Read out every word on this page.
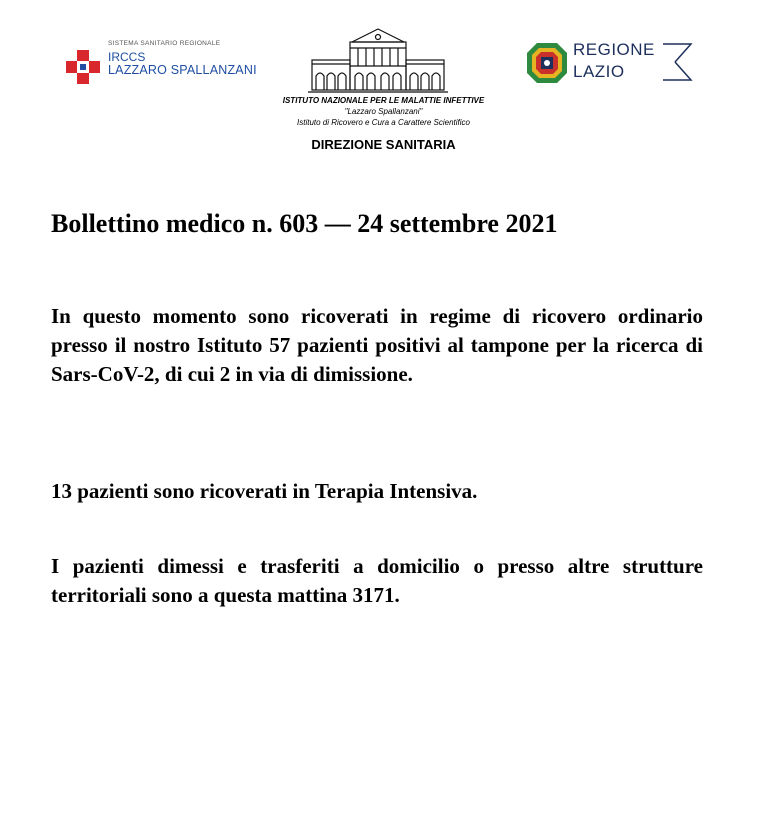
SISTEMA SANITARIO REGIONALE
IRCCS
LAZZARO SPALLANZANI
ISTITUTO NAZIONALE PER LE MALATTIE INFETTIVE
"Lazzaro Spallanzani"
Istituto di Ricovero e Cura a Carattere Scientifico
DIREZIONE SANITARIA
REGIONE
LAZIO
Bollettino medico n. 603 — 24 settembre 2021

In questo momento sono ricoverati in regime di ricovero ordinario presso il nostro Istituto 57 pazienti positivi al tampone per la ricerca di Sars-CoV-2, di cui 2 in via di dimissione.

13 pazienti sono ricoverati in Terapia Intensiva.

I pazienti dimessi e trasferiti a domicilio o presso altre strutture territoriali sono a questa mattina 3171.
